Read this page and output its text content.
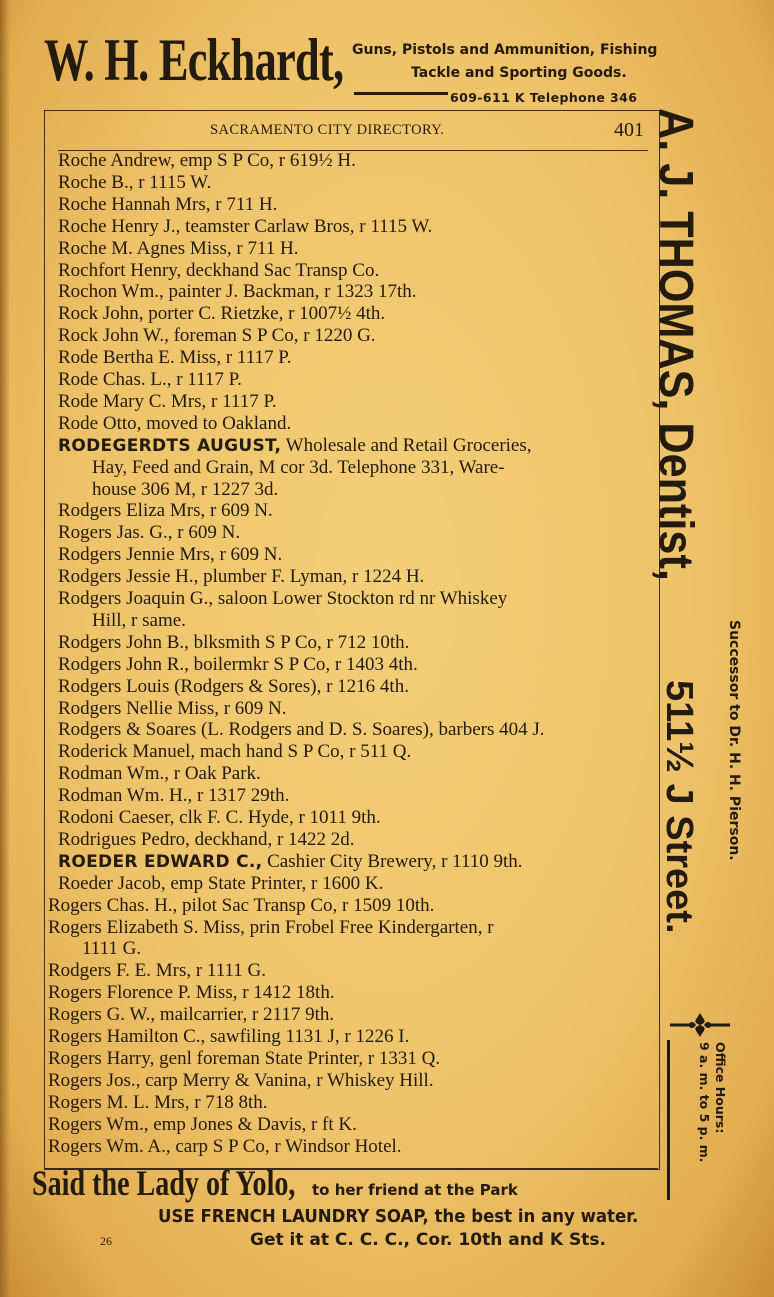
W. H. Eckhardt, Guns, Pistols and Ammunition, Fishing
Tackle and Sporting Goods.
609-611 K Telephone 346
SACRAMENTO CITY DIRECTORY.	401
Roche Andrew, emp S P Co, r 619½ H.
Roche B., r 1115 W.
Roche Hannah Mrs, r 711 H.
Roche Henry J., teamster Carlaw Bros, r 1115 W.
Roche M. Agnes Miss, r 711 H.
Rochfort Henry, deckhand Sac Transp Co.
Rochon Wm., painter J. Backman, r 1323 17th.
Rock John, porter C. Rietzke, r 1007½ 4th.
Rock John W., foreman S P Co, r 1220 G.
Rode Bertha E. Miss, r 1117 P.
Rode Chas. L., r 1117 P.
Rode Mary C. Mrs, r 1117 P.
Rode Otto, moved to Oakland.
RODEGERDTS AUGUST, Wholesale and Retail Groceries,
Hay, Feed and Grain, M cor 3d. Telephone 331, Ware-
house 306 M, r 1227 3d.
Rodgers Eliza Mrs, r 609 N.
Rogers Jas. G., r 609 N.
Rodgers Jennie Mrs, r 609 N.
Rodgers Jessie H., plumber F. Lyman, r 1224 H.
Rodgers Joaquin G., saloon Lower Stockton rd nr Whiskey
Hill, r same.
Rodgers John B., blksmith S P Co, r 712 10th.
Rodgers John R., boilermkr S P Co, r 1403 4th.
Rodgers Louis (Rodgers & Sores), r 1216 4th.
Rodgers Nellie Miss, r 609 N.
Rodgers & Soares (L. Rodgers and D. S. Soares), barbers 404 J.
Roderick Manuel, mach hand S P Co, r 511 Q.
Rodman Wm., r Oak Park.
Rodman Wm. H., r 1317 29th.
Rodoni Caeser, clk F. C. Hyde, r 1011 9th.
Rodrigues Pedro, deckhand, r 1422 2d.
ROEDER EDWARD C., Cashier City Brewery, r 1110 9th.
Roeder Jacob, emp State Printer, r 1600 K.
Rogers Chas. H., pilot Sac Transp Co, r 1509 10th.
Rogers Elizabeth S. Miss, prin Frobel Free Kindergarten, r
1111 G.
Rodgers F. E. Mrs, r 1111 G.
Rogers Florence P. Miss, r 1412 18th.
Rogers G. W., mailcarrier, r 2117 9th.
Rogers Hamilton C., sawfiling 1131 J, r 1226 I.
Rogers Harry, genl foreman State Printer, r 1331 Q.
Rogers Jos., carp Merry & Vanina, r Whiskey Hill.
Rogers M. L. Mrs, r 718 8th.
Rogers Wm., emp Jones & Davis, r ft K.
Rogers Wm. A., carp S P Co, r Windsor Hotel.
A. J. THOMAS, Dentist,
Successor to Dr. H. H. Pierson.
511½ J Street.
Office Hours:
9 a. m. to 5 p. m.
Said the Lady of Yolo,	to her friend at the Park
USE FRENCH LAUNDRY SOAP, the best in any water.
26	Get it at C. C. C., Cor. 10th and K Sts.
